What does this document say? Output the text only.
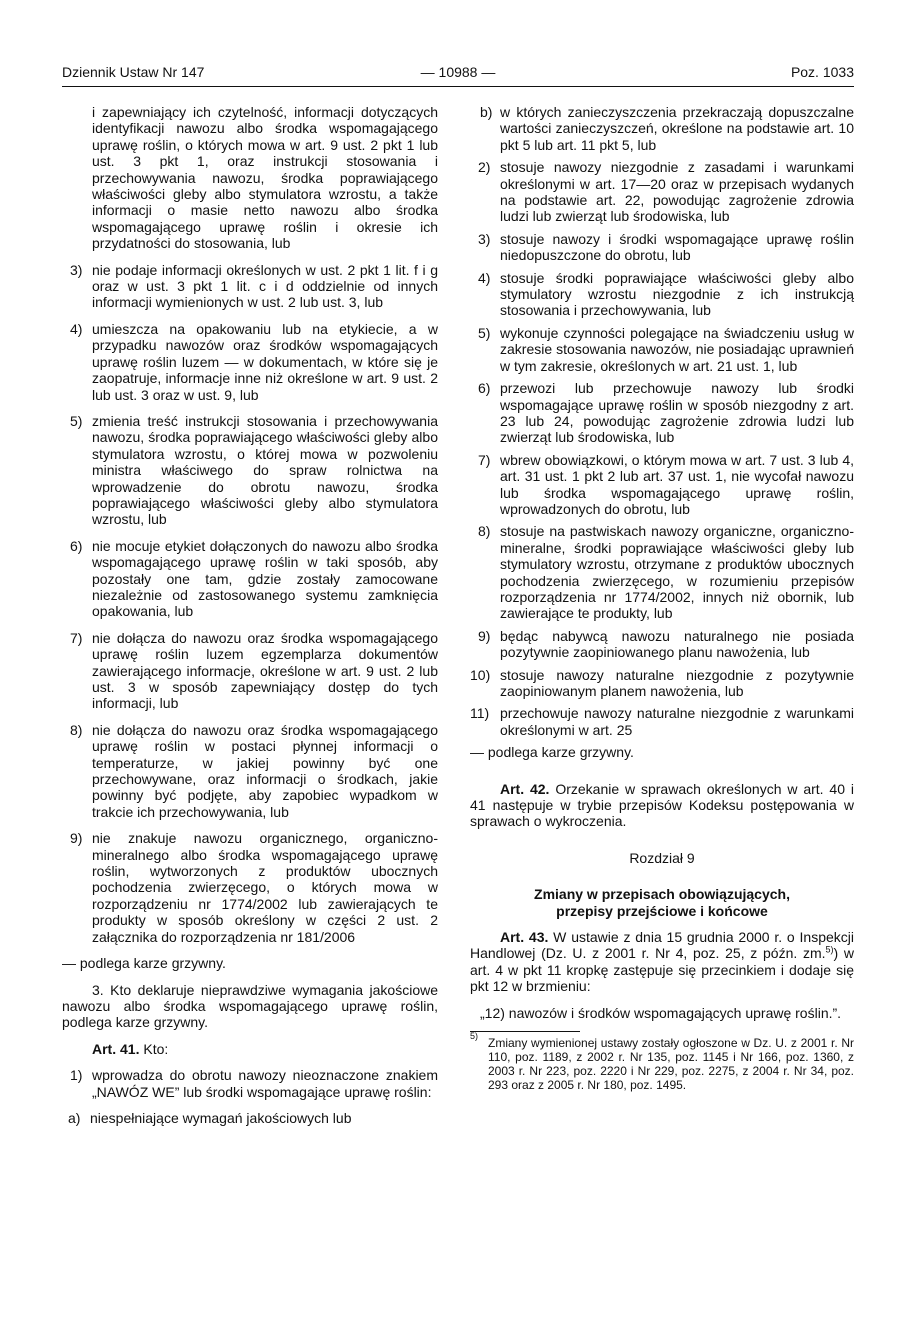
Dziennik Ustaw Nr 147	— 10988 —	Poz. 1033

i zapewniający ich czytelność, informacji dotyczących identyfikacji nawozu albo środka wspomagającego uprawę roślin, o których mowa w art. 9 ust. 2 pkt 1 lub ust. 3 pkt 1, oraz instrukcji stosowania i przechowywania nawozu, środka poprawiającego właściwości gleby albo stymulatora wzrostu, a także informacji o masie netto nawozu albo środka wspomagającego uprawę roślin i okresie ich przydatności do stosowania, lub

3) nie podaje informacji określonych w ust. 2 pkt 1 lit. f i g oraz w ust. 3 pkt 1 lit. c i d oddzielnie od innych informacji wymienionych w ust. 2 lub ust. 3, lub
4) umieszcza na opakowaniu lub na etykiecie, a w przypadku nawozów oraz środków wspomagających uprawę roślin luzem — w dokumentach, w które się je zaopatruje, informacje inne niż określone w art. 9 ust. 2 lub ust. 3 oraz w ust. 9, lub
5) zmienia treść instrukcji stosowania i przechowywania nawozu, środka poprawiającego właściwości gleby albo stymulatora wzrostu, o której mowa w pozwoleniu ministra właściwego do spraw rolnictwa na wprowadzenie do obrotu nawozu, środka poprawiającego właściwości gleby albo stymulatora wzrostu, lub
6) nie mocuje etykiet dołączonych do nawozu albo środka wspomagającego uprawę roślin w taki sposób, aby pozostały one tam, gdzie zostały zamocowane niezależnie od zastosowanego systemu zamknięcia opakowania, lub
7) nie dołącza do nawozu oraz środka wspomagającego uprawę roślin luzem egzemplarza dokumentów zawierającego informacje, określone w art. 9 ust. 2 lub ust. 3 w sposób zapewniający dostęp do tych informacji, lub
8) nie dołącza do nawozu oraz środka wspomagającego uprawę roślin w postaci płynnej informacji o temperaturze, w jakiej powinny być one przechowywane, oraz informacji o środkach, jakie powinny być podjęte, aby zapobiec wypadkom w trakcie ich przechowywania, lub
9) nie znakuje nawozu organicznego, organiczno-mineralnego albo środka wspomagającego uprawę roślin, wytworzonych z produktów ubocznych pochodzenia zwierzęcego, o których mowa w rozporządzeniu nr 1774/2002 lub zawierających te produkty w sposób określony w części 2 ust. 2 załącznika do rozporządzenia nr 181/2006

— podlega karze grzywny.

3. Kto deklaruje nieprawdziwe wymagania jakościowe nawozu albo środka wspomagającego uprawę roślin, podlega karze grzywny.

Art. 41. Kto:

1) wprowadza do obrotu nawozy nieoznaczone znakiem „NAWÓZ WE” lub środki wspomagające uprawę roślin:
a) niespełniające wymagań jakościowych lub
b) w których zanieczyszczenia przekraczają dopuszczalne wartości zanieczyszczeń, określone na podstawie art. 10 pkt 5 lub art. 11 pkt 5, lub
2) stosuje nawozy niezgodnie z zasadami i warunkami określonymi w art. 17—20 oraz w przepisach wydanych na podstawie art. 22, powodując zagrożenie zdrowia ludzi lub zwierząt lub środowiska, lub
3) stosuje nawozy i środki wspomagające uprawę roślin niedopuszczone do obrotu, lub
4) stosuje środki poprawiające właściwości gleby albo stymulatory wzrostu niezgodnie z ich instrukcją stosowania i przechowywania, lub
5) wykonuje czynności polegające na świadczeniu usług w zakresie stosowania nawozów, nie posiadając uprawnień w tym zakresie, określonych w art. 21 ust. 1, lub
6) przewozi lub przechowuje nawozy lub środki wspomagające uprawę roślin w sposób niezgodny z art. 23 lub 24, powodując zagrożenie zdrowia ludzi lub zwierząt lub środowiska, lub
7) wbrew obowiązkowi, o którym mowa w art. 7 ust. 3 lub 4, art. 31 ust. 1 pkt 2 lub art. 37 ust. 1, nie wycofał nawozu lub środka wspomagającego uprawę roślin, wprowadzonych do obrotu, lub
8) stosuje na pastwiskach nawozy organiczne, organiczno-mineralne, środki poprawiające właściwości gleby lub stymulatory wzrostu, otrzymane z produktów ubocznych pochodzenia zwierzęcego, w rozumieniu przepisów rozporządzenia nr 1774/2002, innych niż obornik, lub zawierające te produkty, lub
9) będąc nabywcą nawozu naturalnego nie posiada pozytywnie zaopiniowanego planu nawożenia, lub
10) stosuje nawozy naturalne niezgodnie z pozytywnie zaopiniowanym planem nawożenia, lub
11) przechowuje nawozy naturalne niezgodnie z warunkami określonymi w art. 25

— podlega karze grzywny.

Art. 42. Orzekanie w sprawach określonych w art. 40 i 41 następuje w trybie przepisów Kodeksu postępowania w sprawach o wykroczenia.

Rozdział 9

Zmiany w przepisach obowiązujących,
przepisy przejściowe i końcowe

Art. 43. W ustawie z dnia 15 grudnia 2000 r. o Inspekcji Handlowej (Dz. U. z 2001 r. Nr 4, poz. 25, z późn. zm.$^{5)}$) w art. 4 w pkt 11 kropkę zastępuje się przecinkiem i dodaje się pkt 12 w brzmieniu:

„12) nawozów i środków wspomagających uprawę roślin.”.

5) Zmiany wymienionej ustawy zostały ogłoszone w Dz. U. z 2001 r. Nr 110, poz. 1189, z 2002 r. Nr 135, poz. 1145 i Nr 166, poz. 1360, z 2003 r. Nr 223, poz. 2220 i Nr 229, poz. 2275, z 2004 r. Nr 34, poz. 293 oraz z 2005 r. Nr 180, poz. 1495.
